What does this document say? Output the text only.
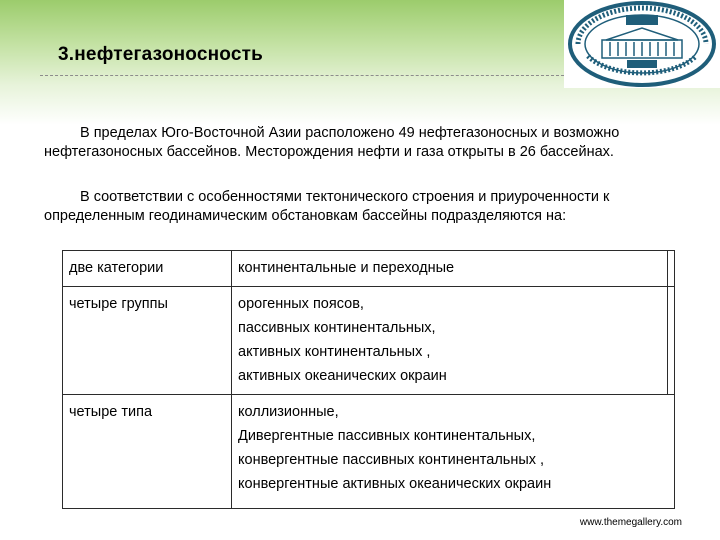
3.нефтегазоносность
В пределах Юго-Восточной Азии расположено 49 нефтегазоносных и возможно нефтегазоносных бассейнов. Месторождения нефти и газа открыты в 26 бассейнах.
В соответствии с особенностями тектонического строения и приуроченности к определенным геодинамическим обстановкам бассейны подразделяются на:
две категории	континентальные и переходные	
четыре группы	орогенных поясов,
пассивных континентальных,
активных континентальных ,
активных океанических окраин	
четыре типа	коллизионные,
Дивергентные пассивных континентальных,
конвергентные пассивных континентальных ,
конвергентные активных океанических окраин	
www.themegallery.com
